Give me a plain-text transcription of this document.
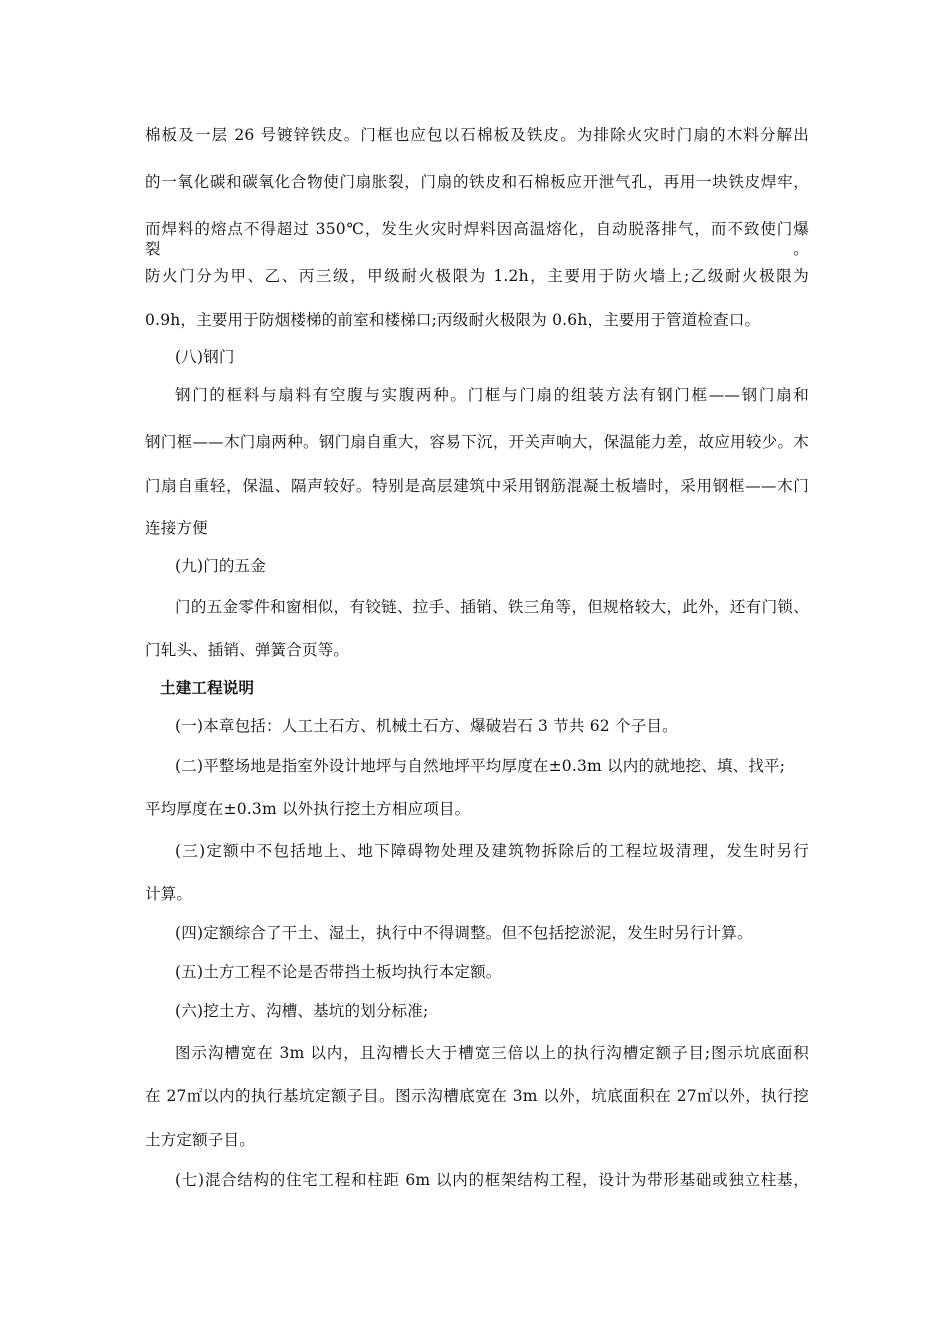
棉板及一层 26 号镀锌铁皮。门框也应包以石棉板及铁皮。为排除火灾时门扇的木料分解出
的一氧化碳和碳氧化合物使门扇胀裂，门扇的铁皮和石棉板应开泄气孔，再用一块铁皮焊牢，
而焊料的熔点不得超过 350℃，发生火灾时焊料因高温熔化，自动脱落排气，而不致使门爆裂。
防火门分为甲、乙、丙三级，甲级耐火极限为 1.2h，主要用于防火墙上;乙级耐火极限为
0.9h，主要用于防烟楼梯的前室和楼梯口;丙级耐火极限为 0.6h，主要用于管道检查口。
(八)钢门
钢门的框料与扇料有空腹与实腹两种。门框与门扇的组装方法有钢门框——钢门扇和
钢门框——木门扇两种。钢门扇自重大，容易下沉，开关声响大，保温能力差，故应用较少。木
门扇自重轻，保温、隔声较好。特别是高层建筑中采用钢筋混凝土板墙时，采用钢框——木门
连接方便
(九)门的五金
门的五金零件和窗相似，有铰链、拉手、插销、铁三角等，但规格较大，此外，还有门锁、
门轧头、插销、弹簧合页等。
土建工程说明
(一)本章包括：人工土石方、机械土石方、爆破岩石 3 节共 62 个子目。
(二)平整场地是指室外设计地坪与自然地坪平均厚度在±0.3m 以内的就地挖、填、找平;
平均厚度在±0.3m 以外执行挖土方相应项目。
(三)定额中不包括地上、地下障碍物处理及建筑物拆除后的工程垃圾清理，发生时另行
计算。
(四)定额综合了干土、湿土，执行中不得调整。但不包括挖淤泥，发生时另行计算。
(五)土方工程不论是否带挡土板均执行本定额。
(六)挖土方、沟槽、基坑的划分标准;
图示沟槽宽在 3m 以内，且沟槽长大于槽宽三倍以上的执行沟槽定额子目;图示坑底面积
在 27㎡以内的执行基坑定额子目。图示沟槽底宽在 3m 以外，坑底面积在 27㎡以外，执行挖
土方定额子目。
(七)混合结构的住宅工程和柱距 6m 以内的框架结构工程，设计为带形基础或独立柱基，
